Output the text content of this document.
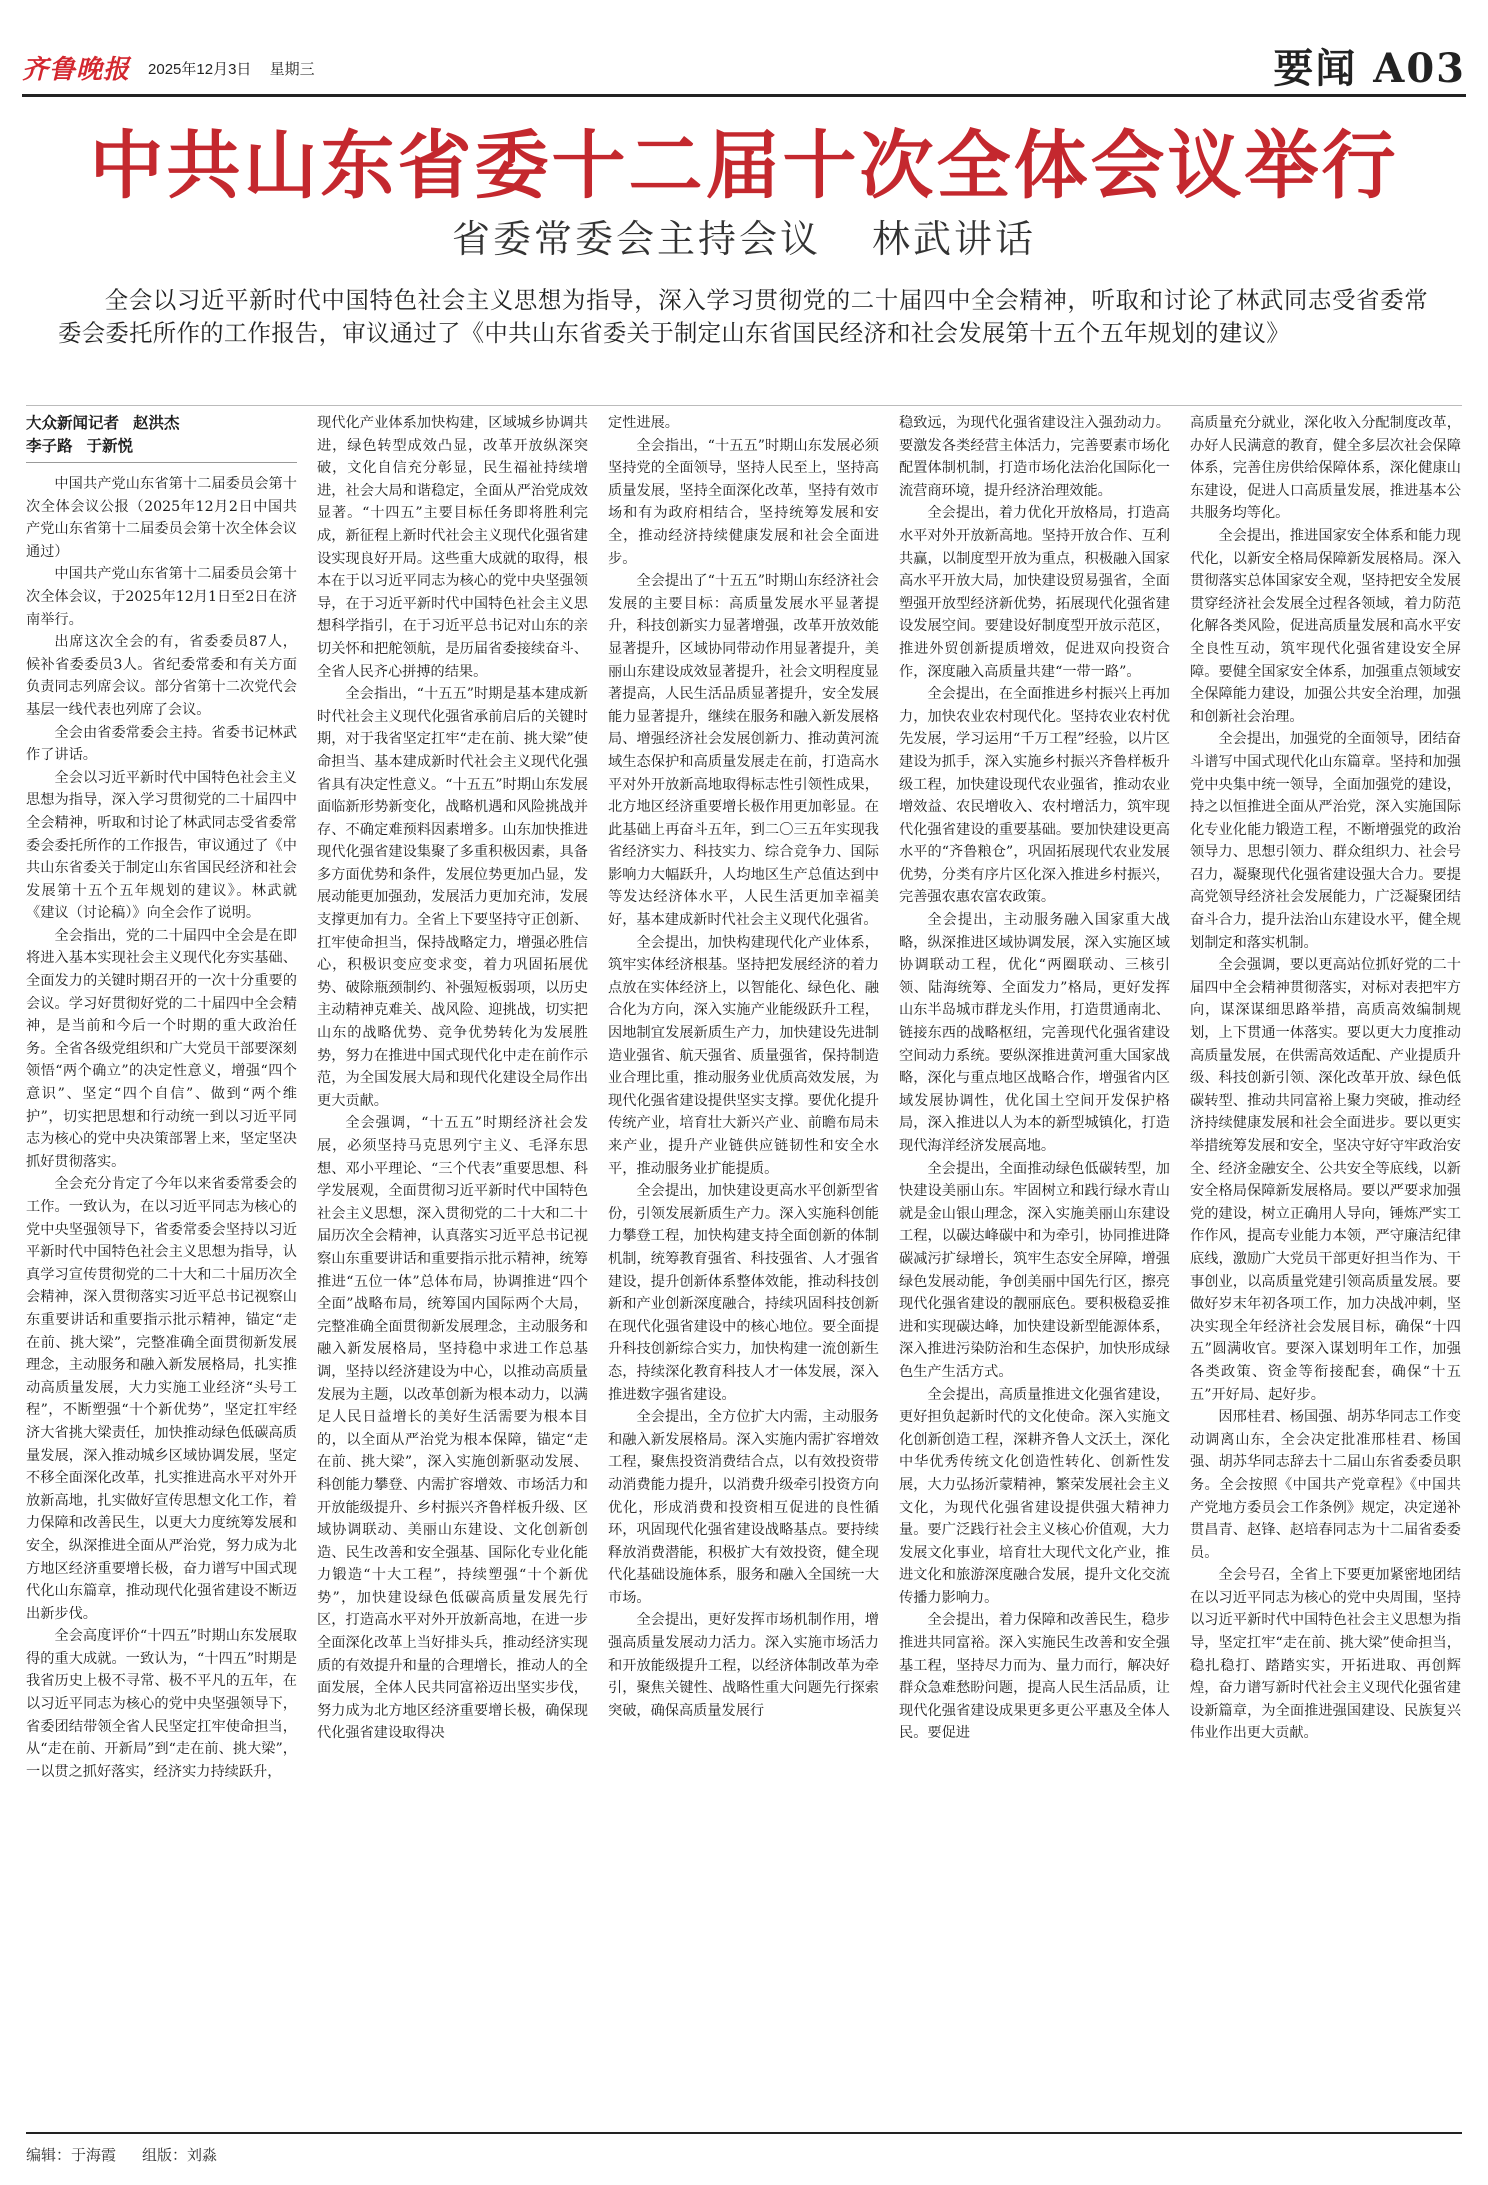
齐鲁晚报 2025年12月3日 星期三	要闻 A03
中共山东省委十二届十次全体会议举行
省委常委会主持会议 林武讲话
全会以习近平新时代中国特色社会主义思想为指导，深入学习贯彻党的二十届四中全会精神，听取和讨论了林武同志受省委常委会委托所作的工作报告，审议通过了《中共山东省委关于制定山东省国民经济和社会发展第十五个五年规划的建议》
大众新闻记者 赵洪杰
李子路 于新悦

中国共产党山东省第十二届委员会第十次全体会议公报（2025年12月2日中国共产党山东省第十二届委员会第十次全体会议通过）

中国共产党山东省第十二届委员会第十次全体会议，于2025年12月1日至2日在济南举行。

出席这次全会的有，省委委员87人，候补省委委员3人。省纪委常委和有关方面负责同志列席会议。部分省第十二次党代会基层一线代表也列席了会议。

全会由省委常委会主持。省委书记林武作了讲话。

全会以习近平新时代中国特色社会主义思想为指导，深入学习贯彻党的二十届四中全会精神，听取和讨论了林武同志受省委常委会委托所作的工作报告，审议通过了《中共山东省委关于制定山东省国民经济和社会发展第十五个五年规划的建议》。林武就《建议（讨论稿）》向全会作了说明。

全会指出，党的二十届四中全会是在即将进入基本实现社会主义现代化夯实基础、全面发力的关键时期召开的一次十分重要的会议。学习好贯彻好党的二十届四中全会精神，是当前和今后一个时期的重大政治任务。全省各级党组织和广大党员干部要深刻领悟“两个确立”的决定性意义，增强“四个意识”、坚定“四个自信”、做到“两个维护”，切实把思想和行动统一到以习近平同志为核心的党中央决策部署上来，坚定坚决抓好贯彻落实。

全会充分肯定了今年以来省委常委会的工作。一致认为，在以习近平同志为核心的党中央坚强领导下，省委常委会坚持以习近平新时代中国特色社会主义思想为指导，认真学习宣传贯彻党的二十大和二十届历次全会精神，深入贯彻落实习近平总书记视察山东重要讲话和重要指示批示精神，锚定“走在前、挑大梁”，完整准确全面贯彻新发展理念，主动服务和融入新发展格局，扎实推动高质量发展，大力实施工业经济“头号工程”，不断塑强“十个新优势”，坚定扛牢经济大省挑大梁责任，加快推动绿色低碳高质量发展，深入推动城乡区域协调发展，坚定不移全面深化改革，扎实推进高水平对外开放新高地，扎实做好宣传思想文化工作，着力保障和改善民生，以更大力度统筹发展和安全，纵深推进全面从严治党，努力成为北方地区经济重要增长极，奋力谱写中国式现代化山东篇章，推动现代化强省建设不断迈出新步伐。

全会高度评价“十四五”时期山东发展取得的重大成就。一致认为，“十四五”时期是我省历史上极不寻常、极不平凡的五年，在以习近平同志为核心的党中央坚强领导下，省委团结带领全省人民坚定扛牢使命担当，从“走在前、开新局”到“走在前、挑大梁”，一以贯之抓好落实，经济实力持续跃升，

现代化产业体系加快构建，区域城乡协调共进，绿色转型成效凸显，改革开放纵深突破，文化自信充分彰显，民生福祉持续增进，社会大局和谐稳定，全面从严治党成效显著。“十四五”主要目标任务即将胜利完成，新征程上新时代社会主义现代化强省建设实现良好开局。这些重大成就的取得，根本在于以习近平同志为核心的党中央坚强领导，在于习近平新时代中国特色社会主义思想科学指引，在于习近平总书记对山东的亲切关怀和把舵领航，是历届省委接续奋斗、全省人民齐心拼搏的结果。

全会指出，“十五五”时期是基本建成新时代社会主义现代化强省承前启后的关键时期，对于我省坚定扛牢“走在前、挑大梁”使命担当、基本建成新时代社会主义现代化强省具有决定性意义。“十五五”时期山东发展面临新形势新变化，战略机遇和风险挑战并存、不确定难预料因素增多。山东加快推进现代化强省建设集聚了多重积极因素，具备多方面优势和条件，发展位势更加凸显，发展动能更加强劲，发展活力更加充沛，发展支撑更加有力。全省上下要坚持守正创新、扛牢使命担当，保持战略定力，增强必胜信心，积极识变应变求变，着力巩固拓展优势、破除瓶颈制约、补强短板弱项，以历史主动精神克难关、战风险、迎挑战，切实把山东的战略优势、竞争优势转化为发展胜势，努力在推进中国式现代化中走在前作示范，为全国发展大局和现代化建设全局作出更大贡献。

全会强调，“十五五”时期经济社会发展，必须坚持马克思列宁主义、毛泽东思想、邓小平理论、“三个代表”重要思想、科学发展观，全面贯彻习近平新时代中国特色社会主义思想，深入贯彻党的二十大和二十届历次全会精神，认真落实习近平总书记视察山东重要讲话和重要指示批示精神，统筹推进“五位一体”总体布局，协调推进“四个全面”战略布局，统筹国内国际两个大局，完整准确全面贯彻新发展理念，主动服务和融入新发展格局，坚持稳中求进工作总基调，坚持以经济建设为中心，以推动高质量发展为主题，以改革创新为根本动力，以满足人民日益增长的美好生活需要为根本目的，以全面从严治党为根本保障，锚定“走在前、挑大梁”，深入实施创新驱动发展、科创能力攀登、内需扩容增效、市场活力和开放能级提升、乡村振兴齐鲁样板升级、区域协调联动、美丽山东建设、文化创新创造、民生改善和安全强基、国际化专业化能力锻造“十大工程”，持续塑强“十个新优势”，加快建设绿色低碳高质量发展先行区，打造高水平对外开放新高地，在进一步全面深化改革上当好排头兵，推动经济实现质的有效提升和量的合理增长，推动人的全面发展，全体人民共同富裕迈出坚实步伐，努力成为北方地区经济重要增长极，确保现代化强省建设取得决

定性进展。

全会指出，“十五五”时期山东发展必须坚持党的全面领导，坚持人民至上，坚持高质量发展，坚持全面深化改革，坚持有效市场和有为政府相结合，坚持统筹发展和安全，推动经济持续健康发展和社会全面进步。

全会提出了“十五五”时期山东经济社会发展的主要目标：高质量发展水平显著提升，科技创新实力显著增强，改革开放效能显著提升，区域协同带动作用显著提升，美丽山东建设成效显著提升，社会文明程度显著提高，人民生活品质显著提升，安全发展能力显著提升，继续在服务和融入新发展格局、增强经济社会发展创新力、推动黄河流域生态保护和高质量发展走在前，打造高水平对外开放新高地取得标志性引领性成果，北方地区经济重要增长极作用更加彰显。在此基础上再奋斗五年，到二〇三五年实现我省经济实力、科技实力、综合竞争力、国际影响力大幅跃升，人均地区生产总值达到中等发达经济体水平，人民生活更加幸福美好，基本建成新时代社会主义现代化强省。

全会提出，加快构建现代化产业体系，筑牢实体经济根基。坚持把发展经济的着力点放在实体经济上，以智能化、绿色化、融合化为方向，深入实施产业能级跃升工程，因地制宜发展新质生产力，加快建设先进制造业强省、航天强省、质量强省，保持制造业合理比重，推动服务业优质高效发展，为现代化强省建设提供坚实支撑。要优化提升传统产业，培育壮大新兴产业、前瞻布局未来产业，提升产业链供应链韧性和安全水平，推动服务业扩能提质。

全会提出，加快建设更高水平创新型省份，引领发展新质生产力。深入实施科创能力攀登工程，加快构建支持全面创新的体制机制，统筹教育强省、科技强省、人才强省建设，提升创新体系整体效能，推动科技创新和产业创新深度融合，持续巩固科技创新在现代化强省建设中的核心地位。要全面提升科技创新综合实力，加快构建一流创新生态，持续深化教育科技人才一体发展，深入推进数字强省建设。

全会提出，全方位扩大内需，主动服务和融入新发展格局。深入实施内需扩容增效工程，聚焦投资消费结合点，以有效投资带动消费能力提升，以消费升级牵引投资方向优化，形成消费和投资相互促进的良性循环，巩固现代化强省建设战略基点。要持续释放消费潜能，积极扩大有效投资，健全现代化基础设施体系，服务和融入全国统一大市场。

全会提出，更好发挥市场机制作用，增强高质量发展动力活力。深入实施市场活力和开放能级提升工程，以经济体制改革为牵引，聚焦关键性、战略性重大问题先行探索突破，确保高质量发展行

稳致远，为现代化强省建设注入强劲动力。要激发各类经营主体活力，完善要素市场化配置体制机制，打造市场化法治化国际化一流营商环境，提升经济治理效能。

全会提出，着力优化开放格局，打造高水平对外开放新高地。坚持开放合作、互利共赢，以制度型开放为重点，积极融入国家高水平开放大局，加快建设贸易强省，全面塑强开放型经济新优势，拓展现代化强省建设发展空间。要建设好制度型开放示范区，推进外贸创新提质增效，促进双向投资合作，深度融入高质量共建“一带一路”。

全会提出，在全面推进乡村振兴上再加力，加快农业农村现代化。坚持农业农村优先发展，学习运用“千万工程”经验，以片区建设为抓手，深入实施乡村振兴齐鲁样板升级工程，加快建设现代农业强省，推动农业增效益、农民增收入、农村增活力，筑牢现代化强省建设的重要基础。要加快建设更高水平的“齐鲁粮仓”，巩固拓展现代农业发展优势，分类有序片区化深入推进乡村振兴，完善强农惠农富农政策。

全会提出，主动服务融入国家重大战略，纵深推进区域协调发展，深入实施区域协调联动工程，优化“两圈联动、三核引领、陆海统筹、全面发力”格局，更好发挥山东半岛城市群龙头作用，打造贯通南北、链接东西的战略枢纽，完善现代化强省建设空间动力系统。要纵深推进黄河重大国家战略，深化与重点地区战略合作，增强省内区域发展协调性，优化国土空间开发保护格局，深入推进以人为本的新型城镇化，打造现代海洋经济发展高地。

全会提出，全面推动绿色低碳转型，加快建设美丽山东。牢固树立和践行绿水青山就是金山银山理念，深入实施美丽山东建设工程，以碳达峰碳中和为牵引，协同推进降碳减污扩绿增长，筑牢生态安全屏障，增强绿色发展动能，争创美丽中国先行区，擦亮现代化强省建设的靓丽底色。要积极稳妥推进和实现碳达峰，加快建设新型能源体系，深入推进污染防治和生态保护，加快形成绿色生产生活方式。

全会提出，高质量推进文化强省建设，更好担负起新时代的文化使命。深入实施文化创新创造工程，深耕齐鲁人文沃土，深化中华优秀传统文化创造性转化、创新性发展，大力弘扬沂蒙精神，繁荣发展社会主义文化，为现代化强省建设提供强大精神力量。要广泛践行社会主义核心价值观，大力发展文化事业，培育壮大现代文化产业，推进文化和旅游深度融合发展，提升文化交流传播力影响力。

全会提出，着力保障和改善民生，稳步推进共同富裕。深入实施民生改善和安全强基工程，坚持尽力而为、量力而行，解决好群众急难愁盼问题，提高人民生活品质，让现代化强省建设成果更多更公平惠及全体人民。要促进

高质量充分就业，深化收入分配制度改革，办好人民满意的教育，健全多层次社会保障体系，完善住房供给保障体系，深化健康山东建设，促进人口高质量发展，推进基本公共服务均等化。

全会提出，推进国家安全体系和能力现代化，以新安全格局保障新发展格局。深入贯彻落实总体国家安全观，坚持把安全发展贯穿经济社会发展全过程各领域，着力防范化解各类风险，促进高质量发展和高水平安全良性互动，筑牢现代化强省建设安全屏障。要健全国家安全体系，加强重点领域安全保障能力建设，加强公共安全治理，加强和创新社会治理。

全会提出，加强党的全面领导，团结奋斗谱写中国式现代化山东篇章。坚持和加强党中央集中统一领导，全面加强党的建设，持之以恒推进全面从严治党，深入实施国际化专业化能力锻造工程，不断增强党的政治领导力、思想引领力、群众组织力、社会号召力，凝聚现代化强省建设强大合力。要提高党领导经济社会发展能力，广泛凝聚团结奋斗合力，提升法治山东建设水平，健全规划制定和落实机制。

全会强调，要以更高站位抓好党的二十届四中全会精神贯彻落实，对标对表把牢方向，谋深谋细思路举措，高质高效编制规划，上下贯通一体落实。要以更大力度推动高质量发展，在供需高效适配、产业提质升级、科技创新引领、深化改革开放、绿色低碳转型、推动共同富裕上聚力突破，推动经济持续健康发展和社会全面进步。要以更实举措统筹发展和安全，坚决守好守牢政治安全、经济金融安全、公共安全等底线，以新安全格局保障新发展格局。要以严要求加强党的建设，树立正确用人导向，锤炼严实工作作风，提高专业能力本领，严守廉洁纪律底线，激励广大党员干部更好担当作为、干事创业，以高质量党建引领高质量发展。要做好岁末年初各项工作，加力决战冲刺，坚决实现全年经济社会发展目标，确保“十四五”圆满收官。要深入谋划明年工作，加强各类政策、资金等衔接配套，确保“十五五”开好局、起好步。

因邢桂君、杨国强、胡苏华同志工作变动调离山东，全会决定批准邢桂君、杨国强、胡苏华同志辞去十二届山东省委委员职务。全会按照《中国共产党章程》《中国共产党地方委员会工作条例》规定，决定递补贯昌青、赵锋、赵培春同志为十二届省委委员。

全会号召，全省上下要更加紧密地团结在以习近平同志为核心的党中央周围，坚持以习近平新时代中国特色社会主义思想为指导，坚定扛牢“走在前、挑大梁”使命担当，稳扎稳打、踏踏实实，开拓进取、再创辉煌，奋力谱写新时代社会主义现代化强省建设新篇章，为全面推进强国建设、民族复兴伟业作出更大贡献。

编辑：于海霞 组版：刘淼
